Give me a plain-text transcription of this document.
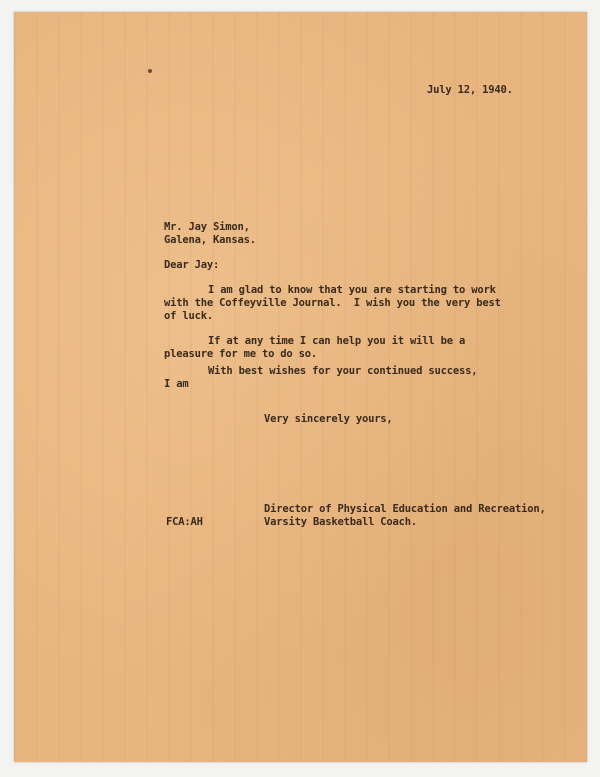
July 12, 1940.
Mr. Jay Simon,
Galena, Kansas.
Dear Jay:
I am glad to know that you are starting to work
with the Coffeyville Journal.  I wish you the very best
of luck.
If at any time I can help you it will be a
pleasure for me to do so.
With best wishes for your continued success,
I am
Very sincerely yours,
Director of Physical Education and Recreation,
Varsity Basketball Coach.
FCA:AH
